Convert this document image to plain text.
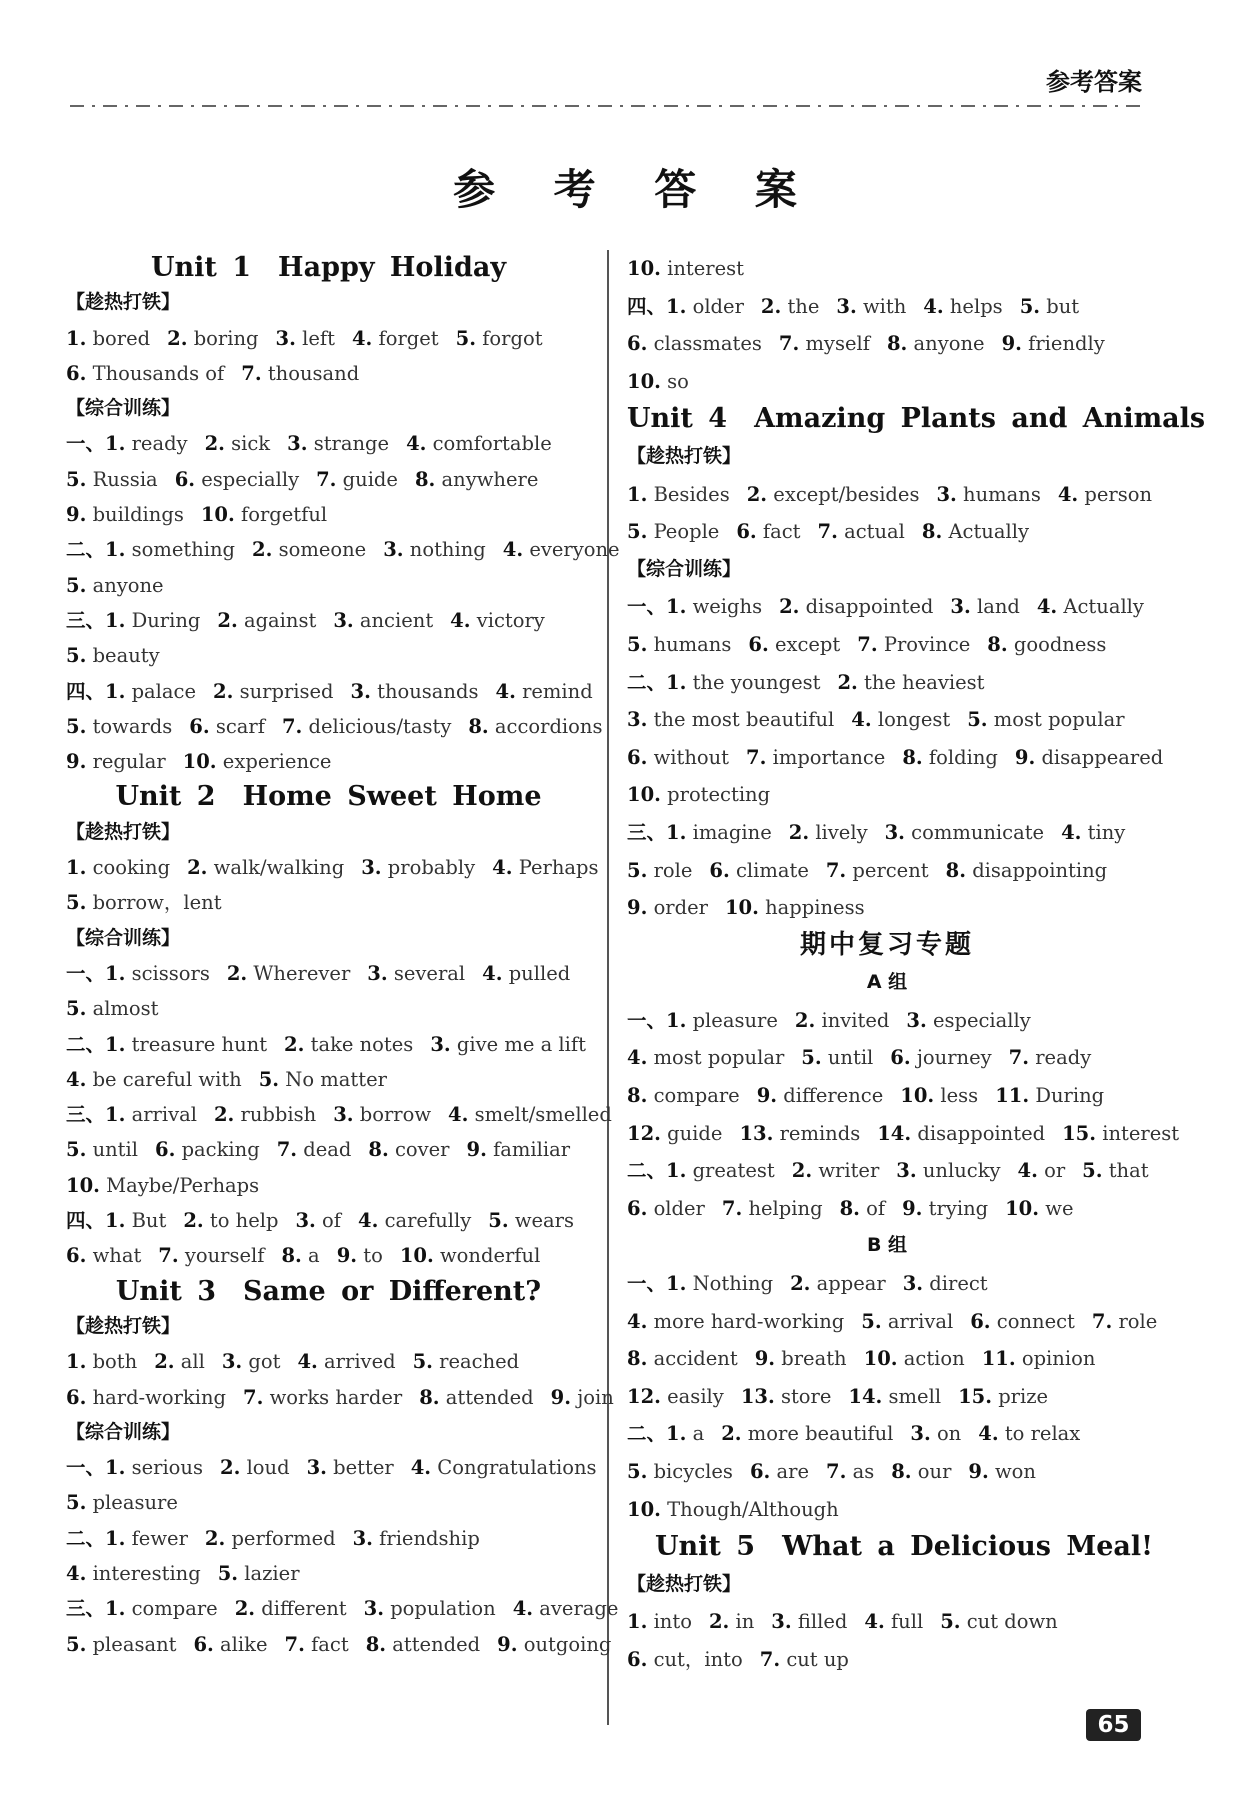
参考答案
参 考 答 案
Unit 1　Happy Holiday
【趁热打铁】
1. bored 2. boring 3. left 4. forget 5. forgot
6. Thousands of 7. thousand
【综合训练】
一、1. ready 2. sick 3. strange 4. comfortable
5. Russia 6. especially 7. guide 8. anywhere
9. buildings 10. forgetful
二、1. something 2. someone 3. nothing 4. everyone
5. anyone
三、1. During 2. against 3. ancient 4. victory
5. beauty
四、1. palace 2. surprised 3. thousands 4. remind
5. towards 6. scarf 7. delicious/tasty 8. accordions
9. regular 10. experience
Unit 2　Home Sweet Home
【趁热打铁】
1. cooking 2. walk/walking 3. probably 4. Perhaps
5. borrow，lent
【综合训练】
一、1. scissors 2. Wherever 3. several 4. pulled
5. almost
二、1. treasure hunt 2. take notes 3. give me a lift
4. be careful with 5. No matter
三、1. arrival 2. rubbish 3. borrow 4. smelt/smelled
5. until 6. packing 7. dead 8. cover 9. familiar
10. Maybe/Perhaps
四、1. But 2. to help 3. of 4. carefully 5. wears
6. what 7. yourself 8. a 9. to 10. wonderful
Unit 3　Same or Different?
【趁热打铁】
1. both 2. all 3. got 4. arrived 5. reached
6. hard-working 7. works harder 8. attended 9. join
【综合训练】
一、1. serious 2. loud 3. better 4. Congratulations
5. pleasure
二、1. fewer 2. performed 3. friendship
4. interesting 5. lazier
三、1. compare 2. different 3. population 4. average
5. pleasant 6. alike 7. fact 8. attended 9. outgoing
10. interest
四、1. older 2. the 3. with 4. helps 5. but
6. classmates 7. myself 8. anyone 9. friendly
10. so
Unit 4　Amazing Plants and Animals
【趁热打铁】
1. Besides 2. except/besides 3. humans 4. person
5. People 6. fact 7. actual 8. Actually
【综合训练】
一、1. weighs 2. disappointed 3. land 4. Actually
5. humans 6. except 7. Province 8. goodness
二、1. the youngest 2. the heaviest
3. the most beautiful 4. longest 5. most popular
6. without 7. importance 8. folding 9. disappeared
10. protecting
三、1. imagine 2. lively 3. communicate 4. tiny
5. role 6. climate 7. percent 8. disappointing
9. order 10. happiness
期中复习专题
A 组
一、1. pleasure 2. invited 3. especially
4. most popular 5. until 6. journey 7. ready
8. compare 9. difference 10. less 11. During
12. guide 13. reminds 14. disappointed 15. interest
二、1. greatest 2. writer 3. unlucky 4. or 5. that
6. older 7. helping 8. of 9. trying 10. we
B 组
一、1. Nothing 2. appear 3. direct
4. more hard-working 5. arrival 6. connect 7. role
8. accident 9. breath 10. action 11. opinion
12. easily 13. store 14. smell 15. prize
二、1. a 2. more beautiful 3. on 4. to relax
5. bicycles 6. are 7. as 8. our 9. won
10. Though/Although
Unit 5　What a Delicious Meal!
【趁热打铁】
1. into 2. in 3. filled 4. full 5. cut down
6. cut，into 7. cut up
65
